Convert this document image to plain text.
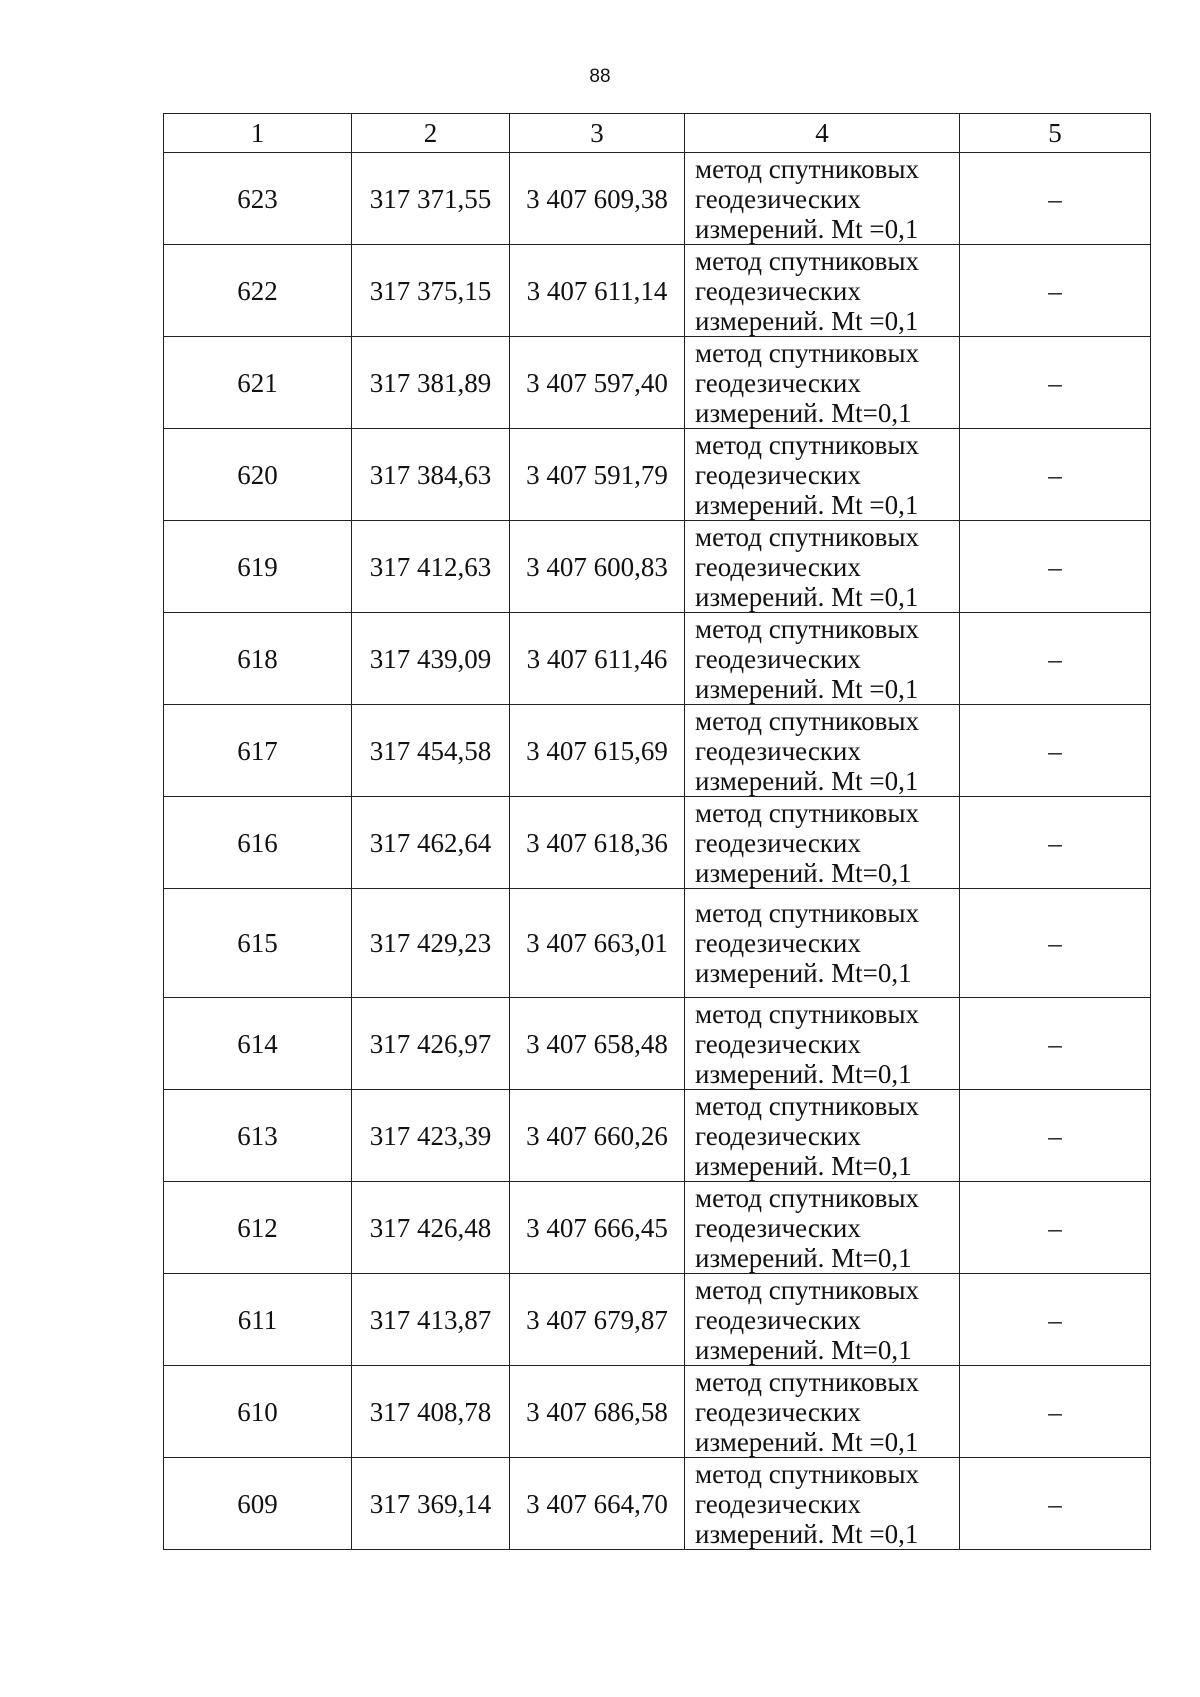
88
1	2	3	4	5
623	317 371,55	3 407 609,38	метод спутниковых
геодезических
измерений. Mt =0,1	–
622	317 375,15	3 407 611,14	метод спутниковых
геодезических
измерений. Mt =0,1	–
621	317 381,89	3 407 597,40	метод спутниковых
геодезических
измерений. Mt=0,1	–
620	317 384,63	3 407 591,79	метод спутниковых
геодезических
измерений. Mt =0,1	–
619	317 412,63	3 407 600,83	метод спутниковых
геодезических
измерений. Mt =0,1	–
618	317 439,09	3 407 611,46	метод спутниковых
геодезических
измерений. Mt =0,1	–
617	317 454,58	3 407 615,69	метод спутниковых
геодезических
измерений. Mt =0,1	–
616	317 462,64	3 407 618,36	метод спутниковых
геодезических
измерений. Mt=0,1	–
615	317 429,23	3 407 663,01	метод спутниковых
геодезических
измерений. Mt=0,1	–
614	317 426,97	3 407 658,48	метод спутниковых
геодезических
измерений. Mt=0,1	–
613	317 423,39	3 407 660,26	метод спутниковых
геодезических
измерений. Mt=0,1	–
612	317 426,48	3 407 666,45	метод спутниковых
геодезических
измерений. Mt=0,1	–
611	317 413,87	3 407 679,87	метод спутниковых
геодезических
измерений. Mt=0,1	–
610	317 408,78	3 407 686,58	метод спутниковых
геодезических
измерений. Mt =0,1	–
609	317 369,14	3 407 664,70	метод спутниковых
геодезических
измерений. Mt =0,1	–
